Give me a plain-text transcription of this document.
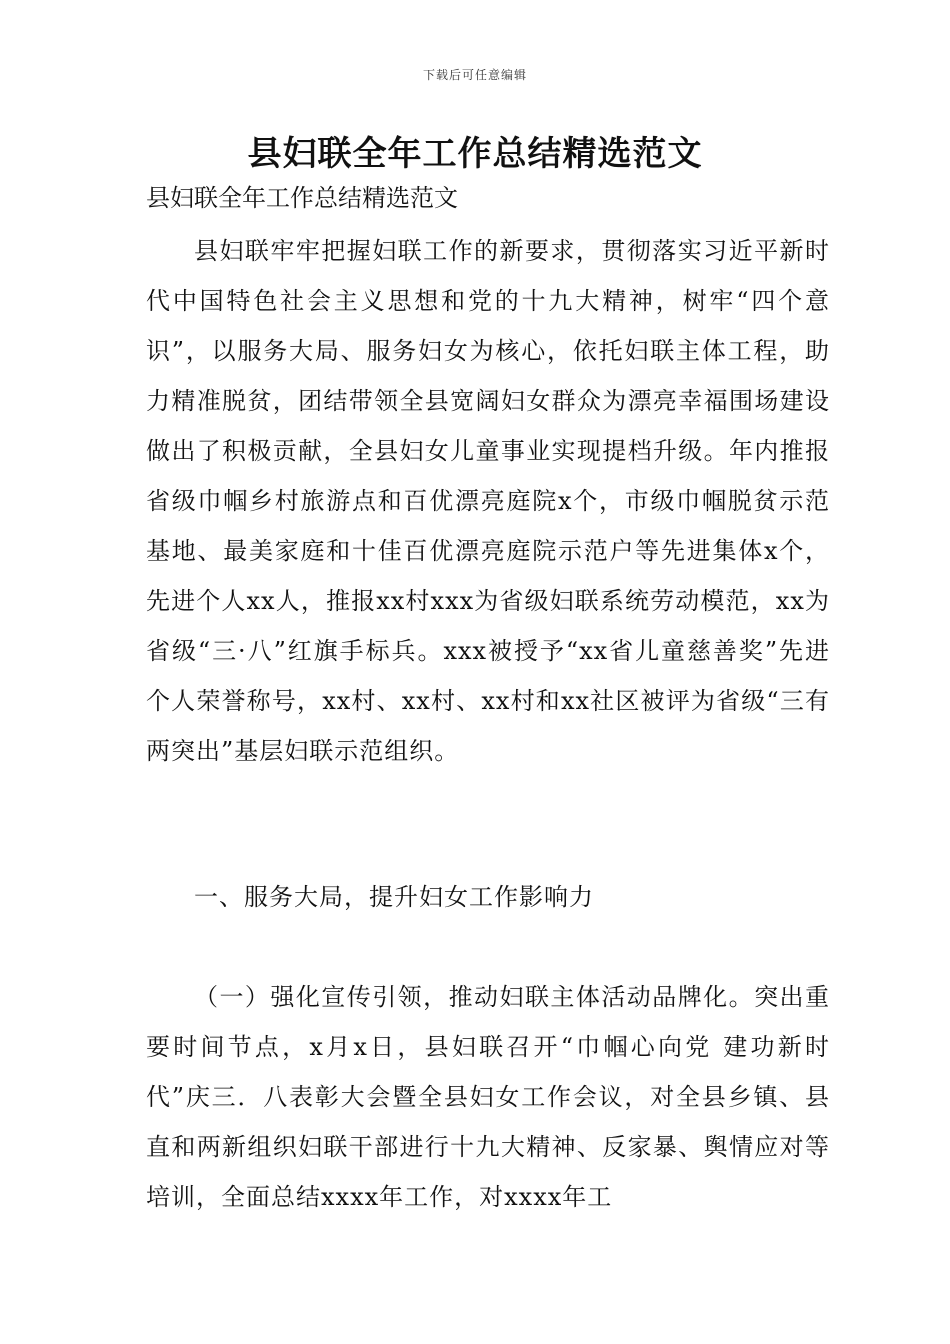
下载后可任意编辑
县妇联全年工作总结精选范文
县妇联全年工作总结精选范文

县妇联牢牢把握妇联工作的新要求，贯彻落实习近平新时代中国特色社会主义思想和党的十九大精神，树牢“四个意识”，以服务大局、服务妇女为核心，依托妇联主体工程，助力精准脱贫，团结带领全县宽阔妇女群众为漂亮幸福围场建设做出了积极贡献，全县妇女儿童事业实现提档升级。年内推报省级巾帼乡村旅游点和百优漂亮庭院x个，市级巾帼脱贫示范基地、最美家庭和十佳百优漂亮庭院示范户等先进集体x个，先进个人xx人，推报xx村xxx为省级妇联系统劳动模范，xx为省级“三·八”红旗手标兵。xxx被授予“xx省儿童慈善奖”先进个人荣誉称号，xx村、xx村、xx村和xx社区被评为省级“三有两突出”基层妇联示范组织。

一、服务大局，提升妇女工作影响力

（一）强化宣传引领，推动妇联主体活动品牌化。突出重要时间节点，x月x日，县妇联召开“巾帼心向党 建功新时代”庆三．八表彰大会暨全县妇女工作会议，对全县乡镇、县直和两新组织妇联干部进行十九大精神、反家暴、舆情应对等培训，全面总结xxxx年工作，对xxxx年工
